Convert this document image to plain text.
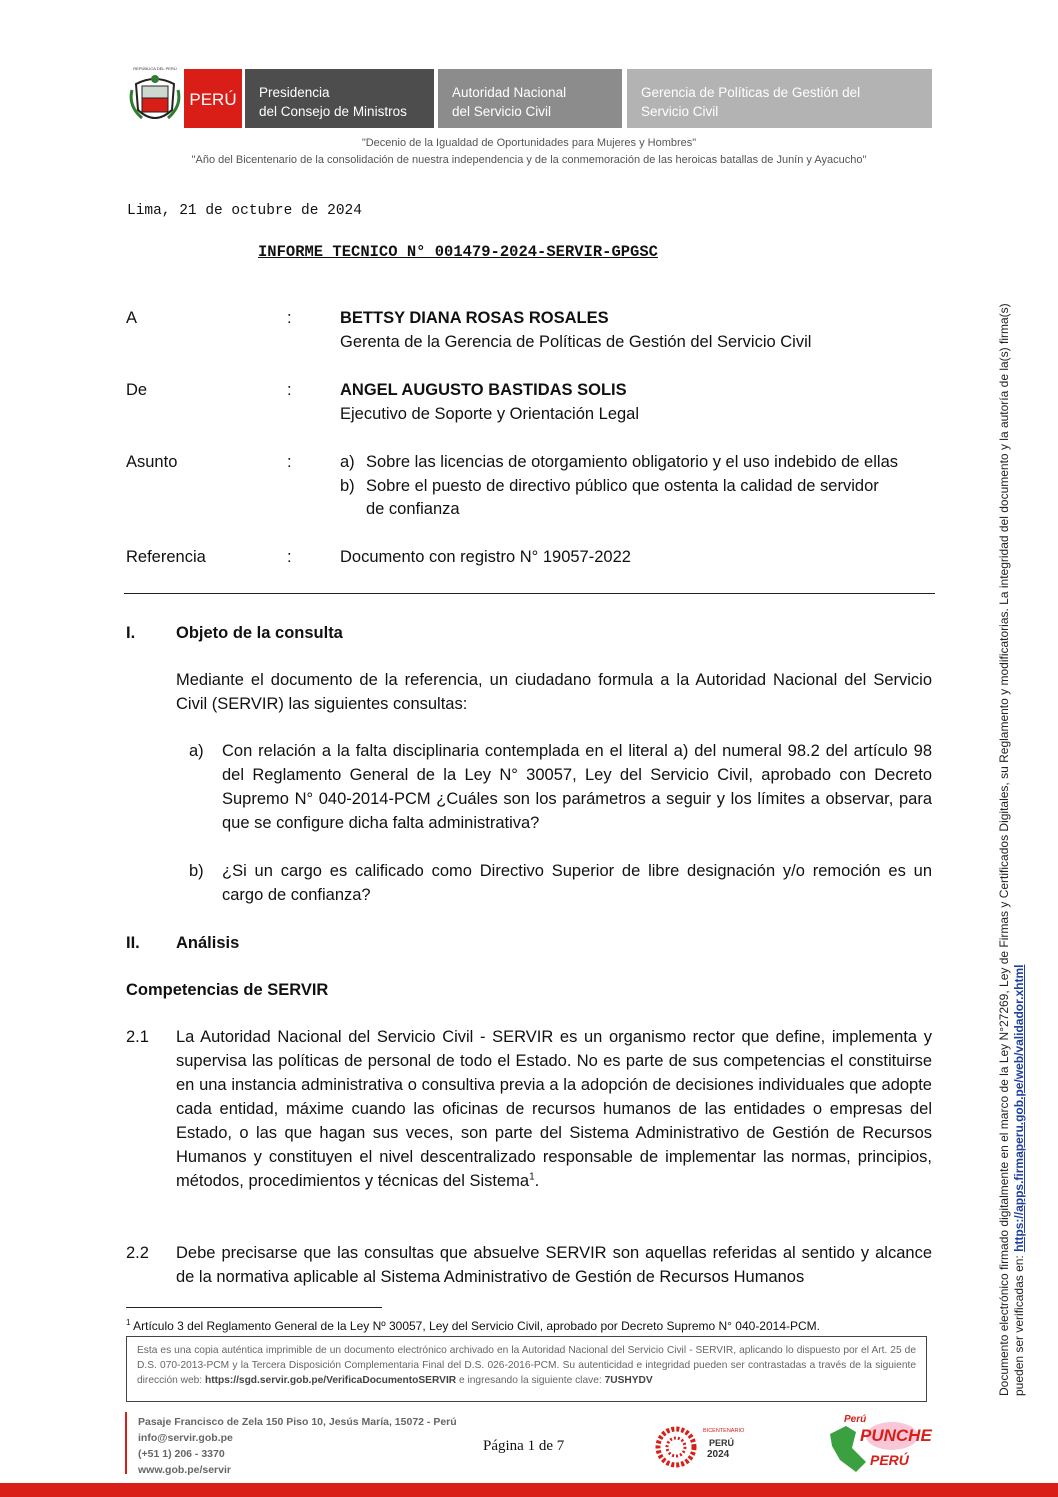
REPÚBLICA DEL PERÚ
PERÚ	Presidencia
del Consejo de Ministros
Autoridad Nacional
del Servicio Civil
Gerencia de Políticas de Gestión del
Servicio Civil
"Decenio de la Igualdad de Oportunidades para Mujeres y Hombres"
"Año del Bicentenario de la consolidación de nuestra independencia y de la conmemoración de las heroicas batallas de Junín y Ayacucho"
Lima, 21 de octubre de 2024
INFORME TECNICO N° 001479-2024-SERVIR-GPGSC
A	:	BETTSY DIANA ROSAS ROSALES
Gerenta de la Gerencia de Políticas de Gestión del Servicio Civil
De	:	ANGEL AUGUSTO BASTIDAS SOLIS
Ejecutivo de Soporte y Orientación Legal
Asunto	:	a) Sobre las licencias de otorgamiento obligatorio y el uso indebido de ellas
b) Sobre el puesto de directivo público que ostenta la calidad de servidor
de confianza
Referencia	:	Documento con registro N° 19057-2022
I. Objeto de la consulta
Mediante el documento de la referencia, un ciudadano formula a la Autoridad Nacional del Servicio Civil (SERVIR) las siguientes consultas:
a) Con relación a la falta disciplinaria contemplada en el literal a) del numeral 98.2 del artículo 98 del Reglamento General de la Ley N° 30057, Ley del Servicio Civil, aprobado con Decreto Supremo N° 040-2014-PCM ¿Cuáles son los parámetros a seguir y los límites a observar, para que se configure dicha falta administrativa?
b) ¿Si un cargo es calificado como Directivo Superior de libre designación y/o remoción es un cargo de confianza?
II. Análisis
Competencias de SERVIR
2.1 La Autoridad Nacional del Servicio Civil - SERVIR es un organismo rector que define, implementa y supervisa las políticas de personal de todo el Estado. No es parte de sus competencias el constituirse en una instancia administrativa o consultiva previa a la adopción de decisiones individuales que adopte cada entidad, máxime cuando las oficinas de recursos humanos de las entidades o empresas del Estado, o las que hagan sus veces, son parte del Sistema Administrativo de Gestión de Recursos Humanos y constituyen el nivel descentralizado responsable de implementar las normas, principios, métodos, procedimientos y técnicas del Sistema$^1$.
2.2 Debe precisarse que las consultas que absuelve SERVIR son aquellas referidas al sentido y alcance de la normativa aplicable al Sistema Administrativo de Gestión de Recursos Humanos
$^1$ Artículo 3 del Reglamento General de la Ley Nº 30057, Ley del Servicio Civil, aprobado por Decreto Supremo N° 040-2014-PCM.
Esta es una copia auténtica imprimible de un documento electrónico archivado en la Autoridad Nacional del Servicio Civil - SERVIR, aplicando lo dispuesto por el Art. 25 de D.S. 070-2013-PCM y la Tercera Disposición Complementaria Final del D.S. 026-2016-PCM. Su autenticidad e integridad pueden ser contrastadas a través de la siguiente dirección web: https://sgd.servir.gob.pe/VerificaDocumentoSERVIR e ingresando la siguiente clave: 7USHYDV
Pasaje Francisco de Zela 150 Piso 10, Jesús María, 15072 - Perú
info@servir.gob.pe
(+51 1) 206 - 3370
www.gob.pe/servir
Página 1 de 7
BICENTENARIO
PERÚ
2024
Perú
PUNCHE
PERÚ
Documento electrónico firmado digitalmente en el marco de la Ley N°27269, Ley de Firmas y Certificados Digitales, su Reglamento y modificatorias. La integridad del documento y la autoría de la(s) firma(s) pueden ser verificadas en: https://apps.firmaperu.gob.pe/web/validador.xhtml
